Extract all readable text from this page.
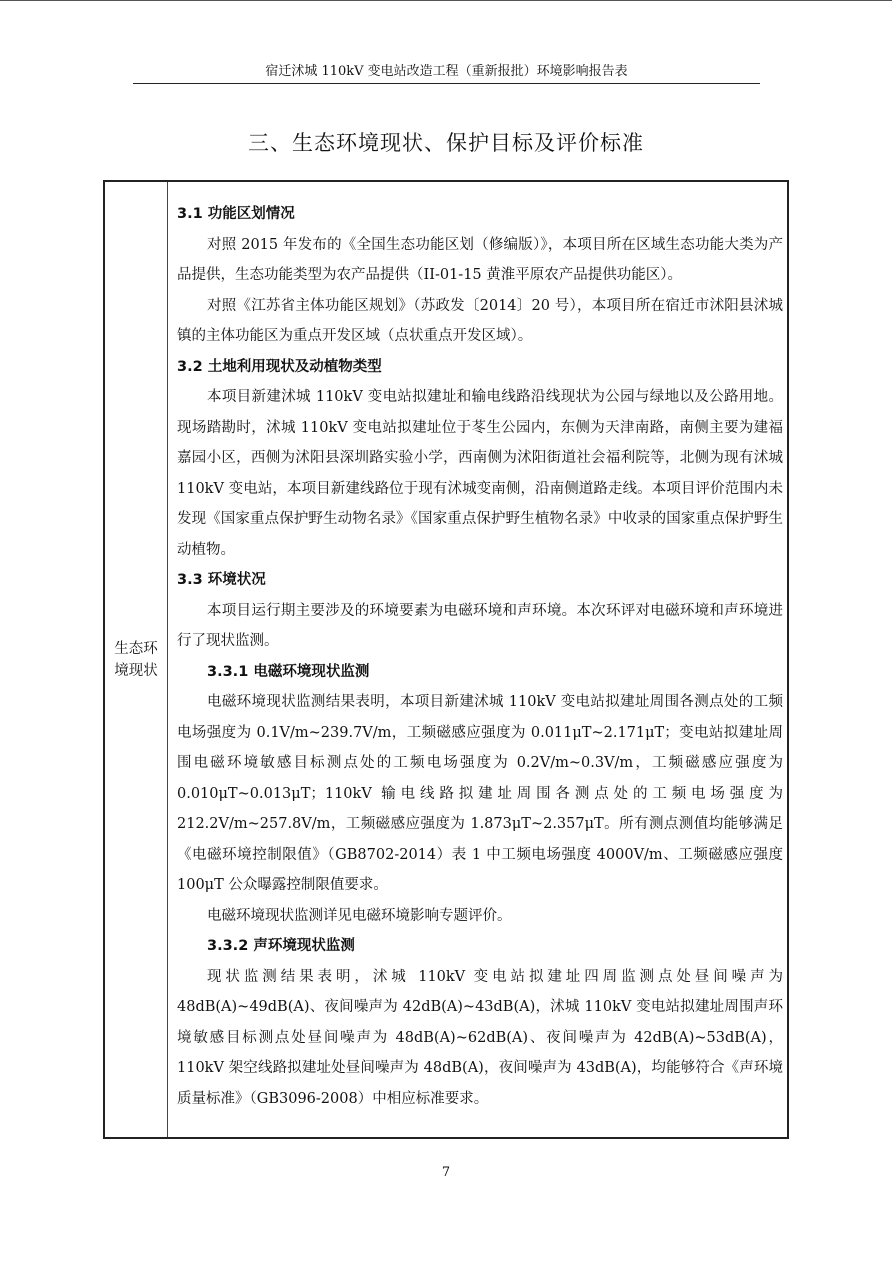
宿迁沭城 110kV 变电站改造工程（重新报批）环境影响报告表
三、生态环境现状、保护目标及评价标准
生态环境现状
3.1 功能区划情况

对照 2015 年发布的《全国生态功能区划（修编版）》，本项目所在区域生态功能大类为产品提供，生态功能类型为农产品提供（II-01-15 黄淮平原农产品提供功能区）。

对照《江苏省主体功能区规划》（苏政发〔2014〕20 号），本项目所在宿迁市沭阳县沭城镇的主体功能区为重点开发区域（点状重点开发区域）。

3.2 土地利用现状及动植物类型

本项目新建沭城 110kV 变电站拟建址和输电线路沿线现状为公园与绿地以及公路用地。现场踏勘时，沭城 110kV 变电站拟建址位于苳生公园内，东侧为天津南路，南侧主要为建福嘉园小区，西侧为沭阳县深圳路实验小学，西南侧为沭阳街道社会福利院等，北侧为现有沭城 110kV 变电站，本项目新建线路位于现有沭城变南侧，沿南侧道路走线。本项目评价范围内未发现《国家重点保护野生动物名录》《国家重点保护野生植物名录》中收录的国家重点保护野生动植物。

3.3 环境状况

本项目运行期主要涉及的环境要素为电磁环境和声环境。本次环评对电磁环境和声环境进行了现状监测。

3.3.1 电磁环境现状监测

电磁环境现状监测结果表明，本项目新建沭城 110kV 变电站拟建址周围各测点处的工频电场强度为 0.1V/m~239.7V/m，工频磁感应强度为 0.011μT~2.171μT；变电站拟建址周围电磁环境敏感目标测点处的工频电场强度为 0.2V/m~0.3V/m，工频磁感应强度为 0.010μT~0.013μT；110kV 输电线路拟建址周围各测点处的工频电场强度为 212.2V/m~257.8V/m，工频磁感应强度为 1.873μT~2.357μT。所有测点测值均能够满足《电磁环境控制限值》（GB8702-2014）表 1 中工频电场强度 4000V/m、工频磁感应强度 100μT 公众曝露控制限值要求。

电磁环境现状监测详见电磁环境影响专题评价。

3.3.2 声环境现状监测

现状监测结果表明，沭城 110kV 变电站拟建址四周监测点处昼间噪声为 48dB(A)~49dB(A)、夜间噪声为 42dB(A)~43dB(A)，沭城 110kV 变电站拟建址周围声环境敏感目标测点处昼间噪声为 48dB(A)~62dB(A)、夜间噪声为 42dB(A)~53dB(A)，110kV 架空线路拟建址处昼间噪声为 48dB(A)，夜间噪声为 43dB(A)，均能够符合《声环境质量标准》（GB3096-2008）中相应标准要求。

7
